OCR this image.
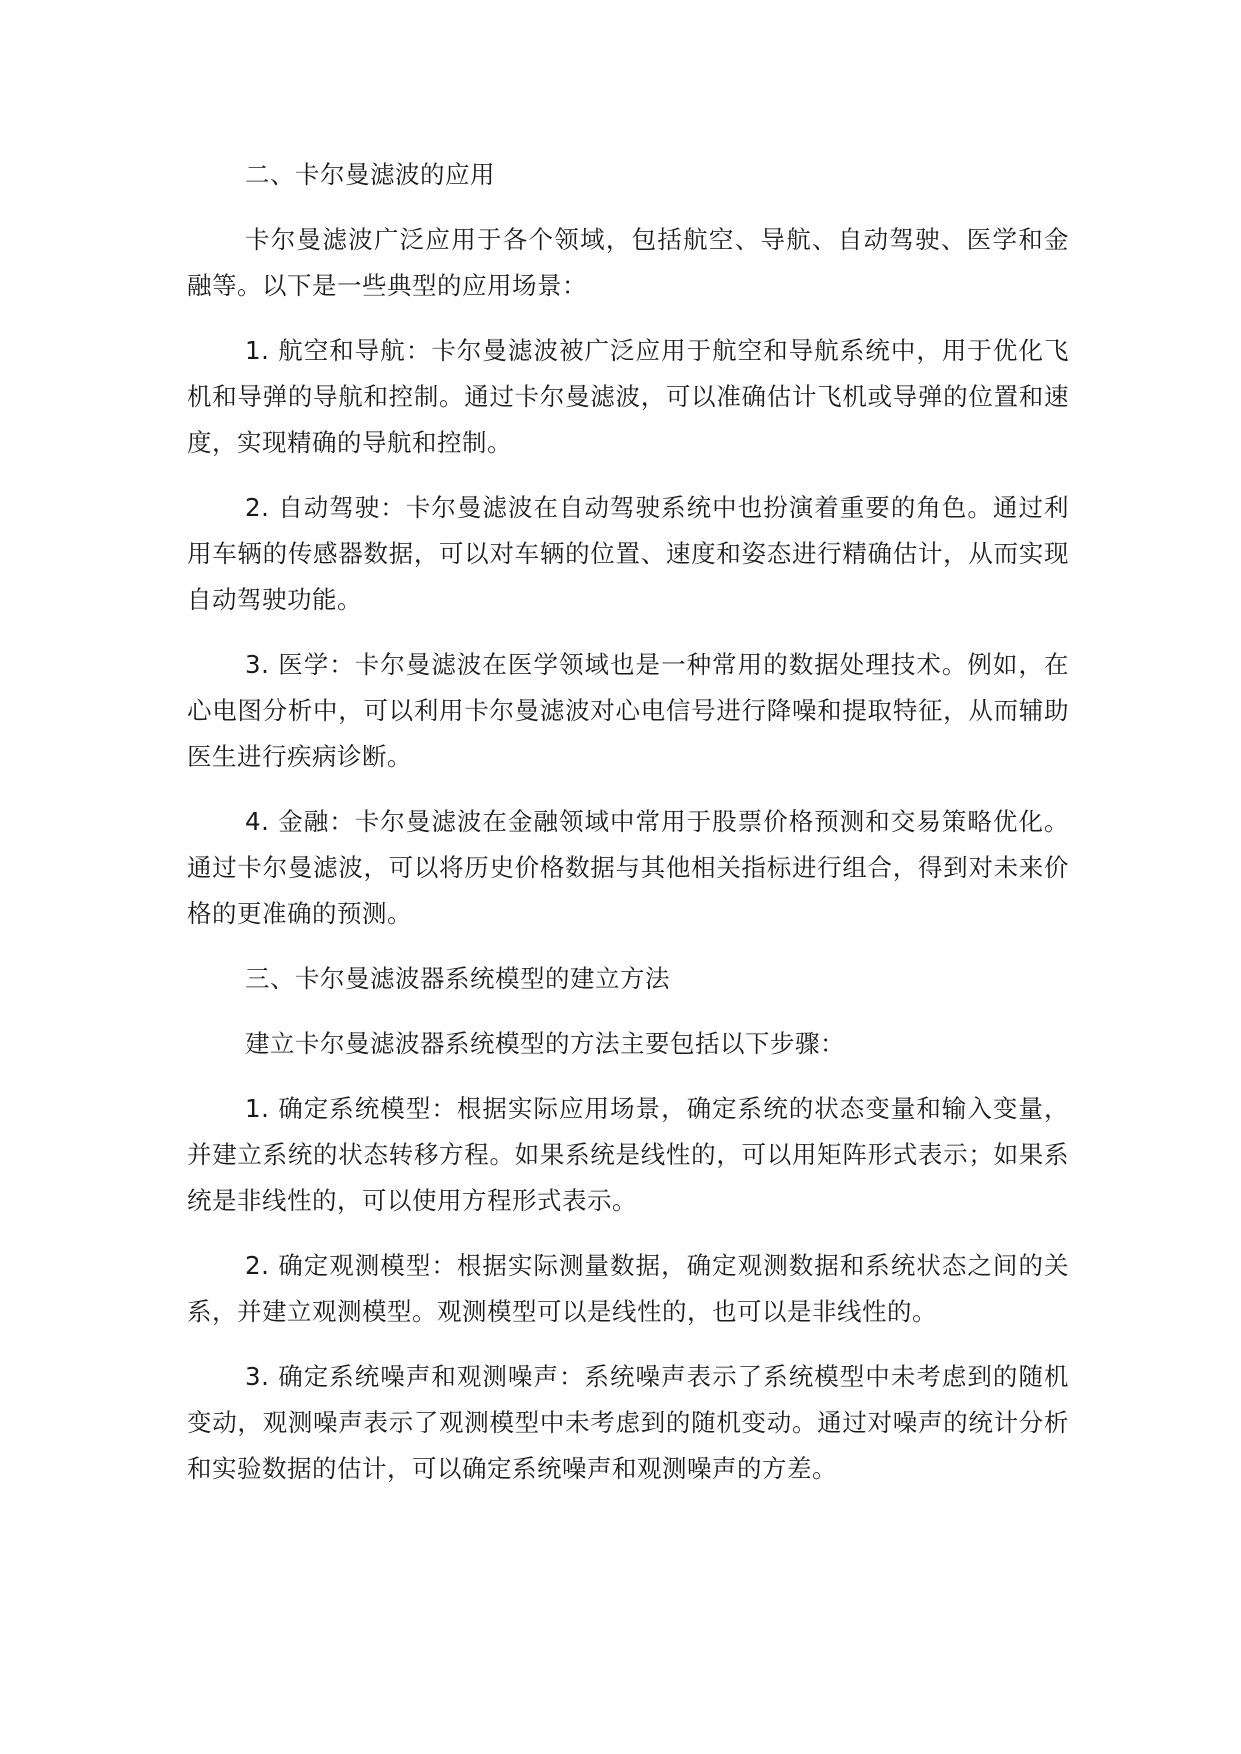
二、卡尔曼滤波的应用

卡尔曼滤波广泛应用于各个领域，包括航空、导航、自动驾驶、医学和金融等。以下是一些典型的应用场景：

1. 航空和导航：卡尔曼滤波被广泛应用于航空和导航系统中，用于优化飞机和导弹的导航和控制。通过卡尔曼滤波，可以准确估计飞机或导弹的位置和速度，实现精确的导航和控制。

2. 自动驾驶：卡尔曼滤波在自动驾驶系统中也扮演着重要的角色。通过利用车辆的传感器数据，可以对车辆的位置、速度和姿态进行精确估计，从而实现自动驾驶功能。

3. 医学：卡尔曼滤波在医学领域也是一种常用的数据处理技术。例如，在心电图分析中，可以利用卡尔曼滤波对心电信号进行降噪和提取特征，从而辅助医生进行疾病诊断。

4. 金融：卡尔曼滤波在金融领域中常用于股票价格预测和交易策略优化。通过卡尔曼滤波，可以将历史价格数据与其他相关指标进行组合，得到对未来价格的更准确的预测。

三、卡尔曼滤波器系统模型的建立方法

建立卡尔曼滤波器系统模型的方法主要包括以下步骤：

1. 确定系统模型：根据实际应用场景，确定系统的状态变量和输入变量，并建立系统的状态转移方程。如果系统是线性的，可以用矩阵形式表示；如果系统是非线性的，可以使用方程形式表示。

2. 确定观测模型：根据实际测量数据，确定观测数据和系统状态之间的关系，并建立观测模型。观测模型可以是线性的，也可以是非线性的。

3. 确定系统噪声和观测噪声：系统噪声表示了系统模型中未考虑到的随机变动，观测噪声表示了观测模型中未考虑到的随机变动。通过对噪声的统计分析和实验数据的估计，可以确定系统噪声和观测噪声的方差。
